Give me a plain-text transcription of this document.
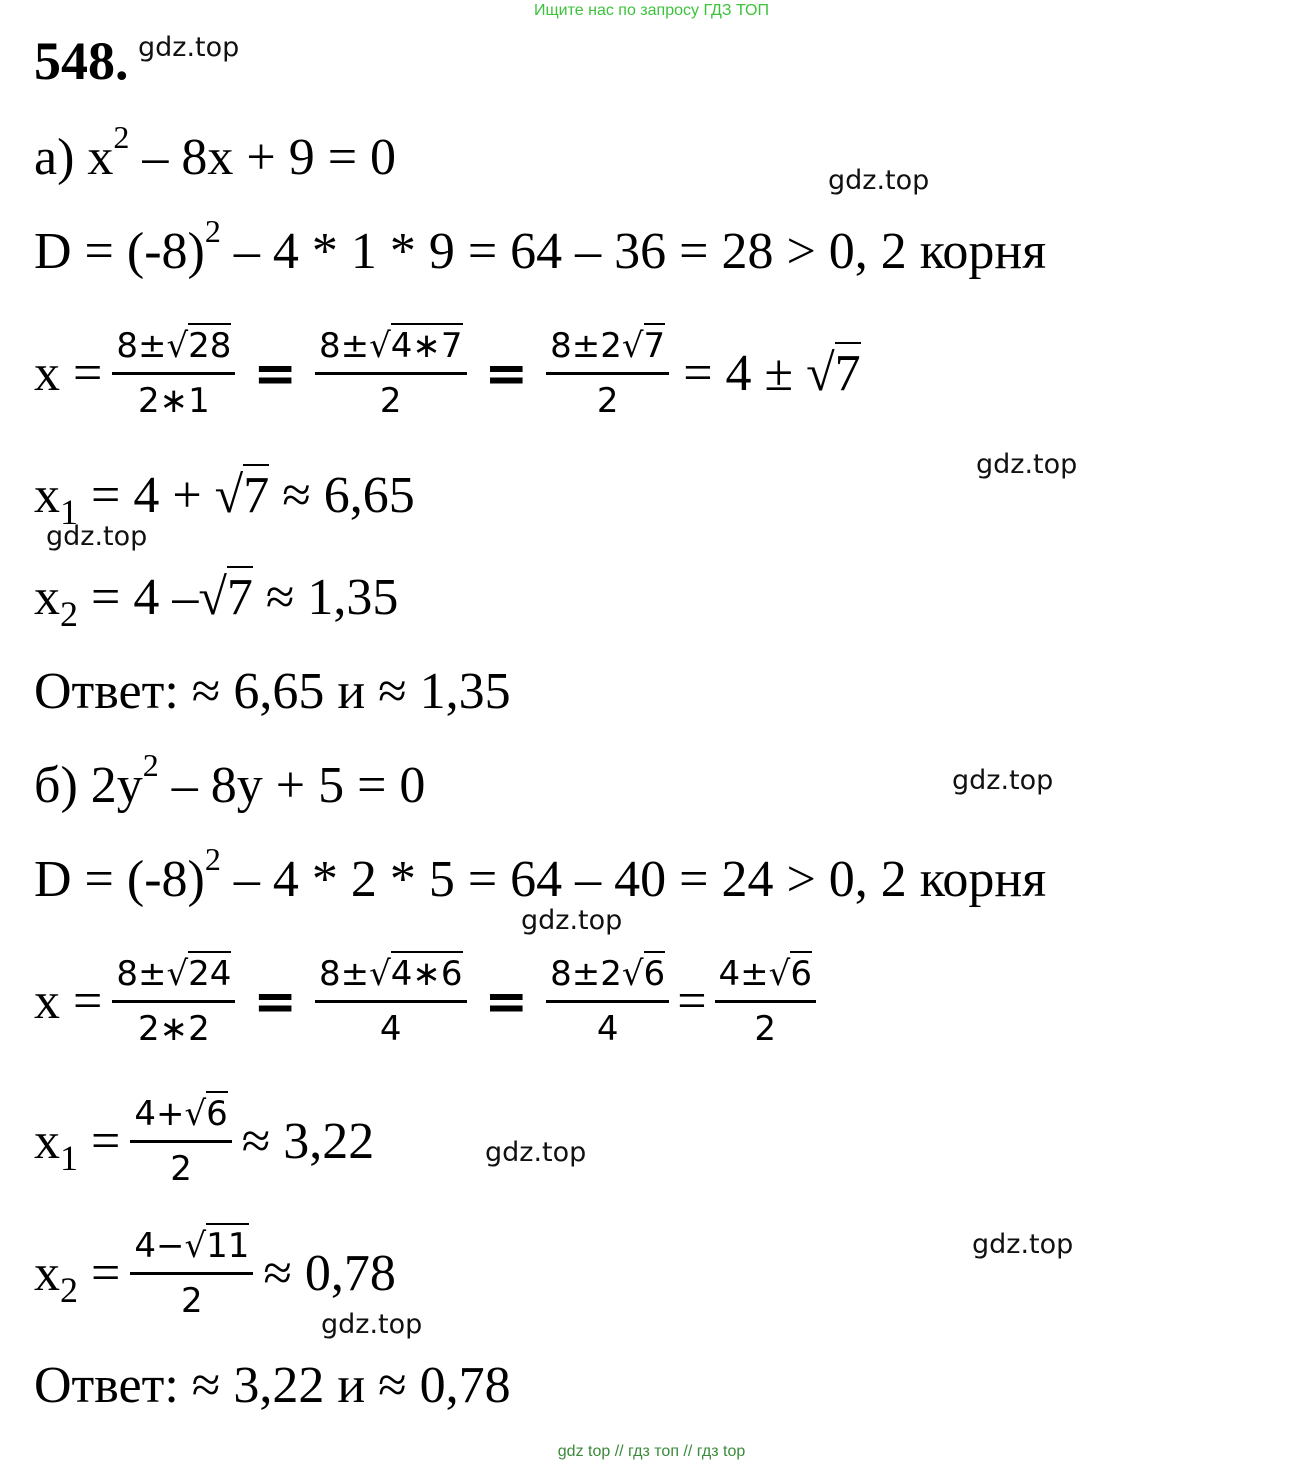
Ищите нас по запросу ГДЗ ТОП
548. gdz.top
gdz.top
gdz.top
gdz.top
gdz.top
gdz.top
gdz.top
gdz.top
gdz.top
а) $x^2 - 8x + 9 = 0$
$D = (-8)^2 - 4 * 1 * 9 = 64 - 36 = 28 > 0$, 2 корня
$x = \frac{8\pm√28}{2∗1} = \frac{8\pm√4∗7}{2} = \frac{8\pm 2√7}{2} = 4 \pm √7$
$x_1 = 4 + √7 \approx 6,65$
$x_2 = 4$ –√7 ≈ 1,35
Ответ: ≈ 6,65 и ≈ 1,35
б) $2y^2 - 8y + 5 = 0$
$D = (-8)^2 - 4 * 2 * 5 = 64 - 40 = 24 > 0$, 2 корня
$x = \frac{8\pm√24}{2∗2} = \frac{8\pm√4∗6}{4} = \frac{8\pm 2√6}{4} = \frac{4\pm√6}{2}$
$x_1 = \frac{4+√6}{2} \approx 3,22$
$x_2 = \frac{4-√11}{2} \approx 0,78$
Ответ: ≈ 3,22 и ≈ 0,78
gdz top // гдз топ // гдз top
